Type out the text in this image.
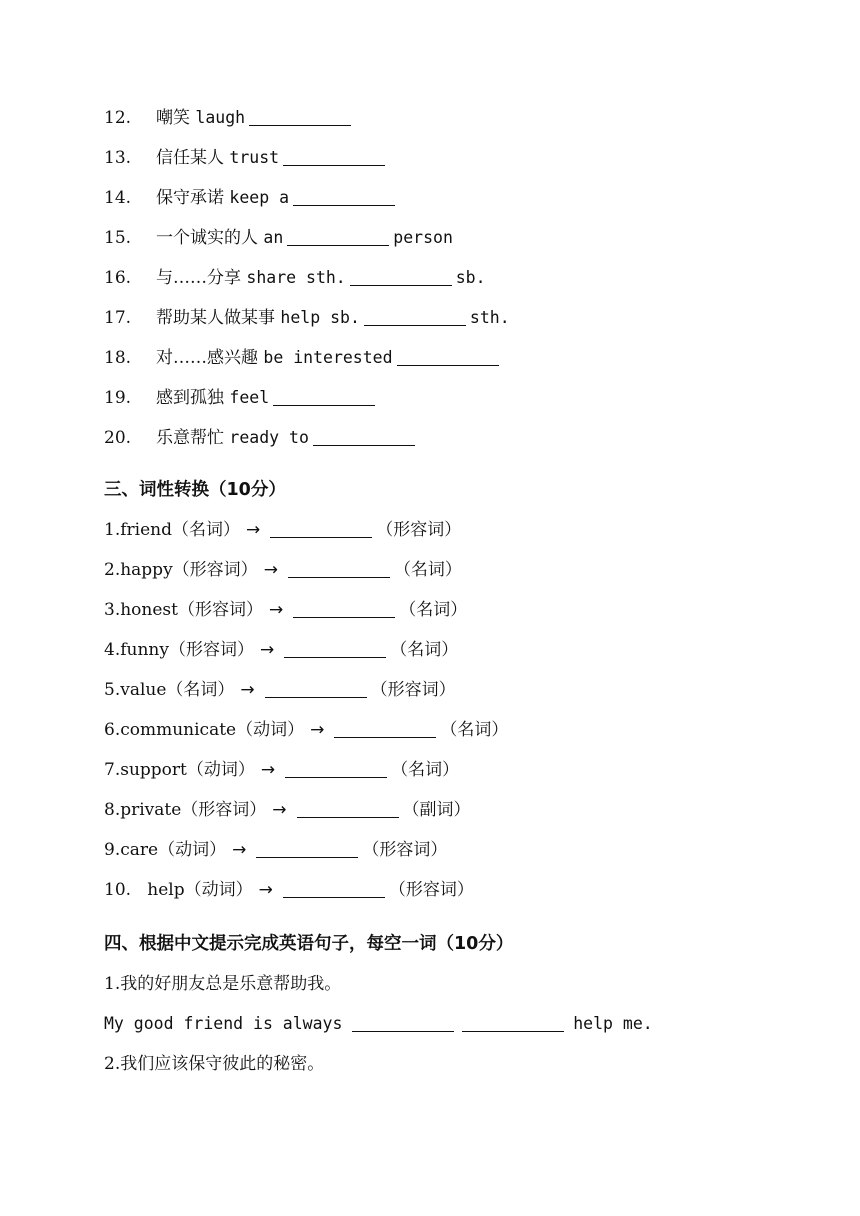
12. 嘲笑 laugh
13. 信任某人 trust
14. 保守承诺 keep a
15. 一个诚实的人 an	person
16. 与……分享 share sth.	sb.
17. 帮助某人做某事 help sb.	sth.
18. 对……感兴趣 be interested
19. 感到孤独 feel
20. 乐意帮忙 ready to
三、词性转换（10分）
1.friend（名词） →	（形容词）
2.happy（形容词） →	（名词）
3.honest（形容词） →	（名词）
4.funny（形容词） →	（名词）
5.value（名词） →	（形容词）
6.communicate（动词） →	（名词）
7.support（动词） →	（名词）
8.private（形容词） →	（副词）
9.care（动词） →	（形容词）
10.   help（动词） →	（形容词）
四、根据中文提示完成英语句子，每空一词（10分）
1.我的好朋友总是乐意帮助我。
My good friend is always	help me.
2.我们应该保守彼此的秘密。
